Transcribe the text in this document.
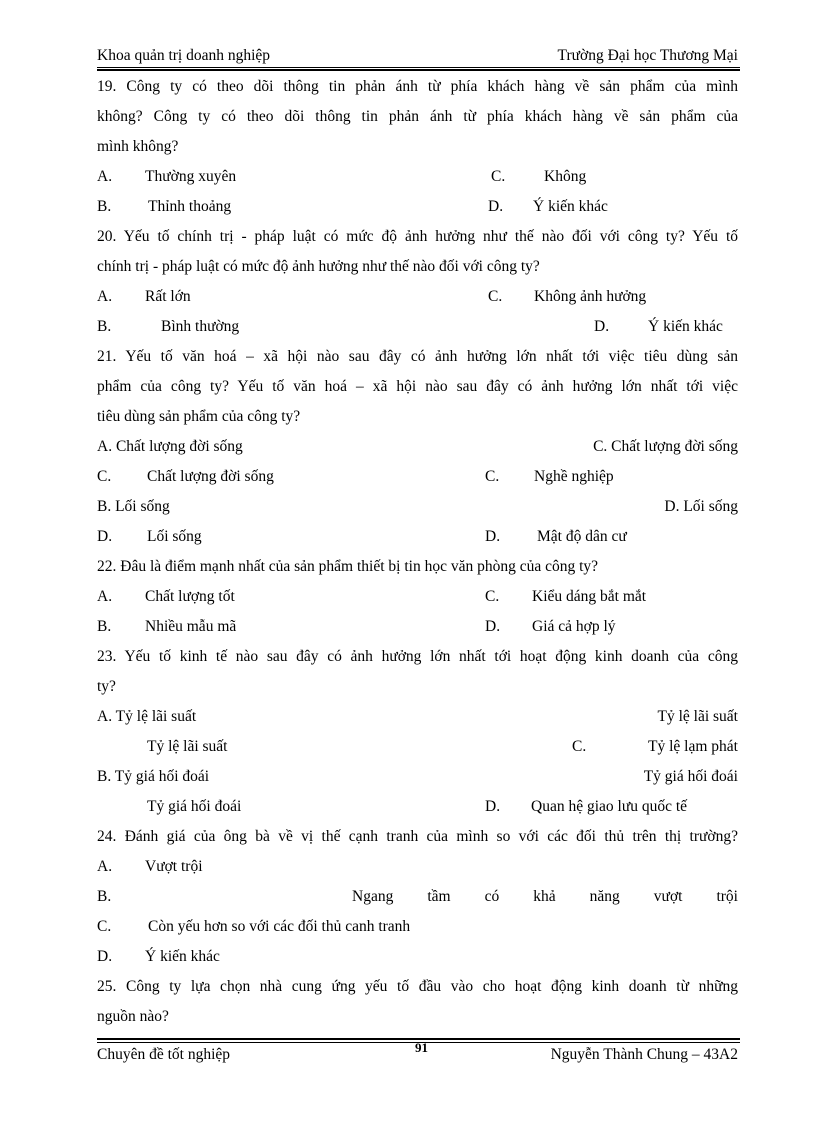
Khoa quản trị doanh nghiệp	Trường Đại học Thương Mại
19. Công ty có theo dõi thông tin phản ánh từ phía khách hàng về sản phẩm của mình
không? Công ty có theo dõi thông tin phản ánh từ phía khách hàng về sản phẩm của
mình không?
A. Thường xuyên	C.	Không
B. Thỉnh thoảng	D. Ý kiến khác
20. Yếu tố chính trị - pháp luật có mức độ ảnh hưởng như thế nào đối với công ty? Yếu tố
chính trị - pháp luật có mức độ ảnh hưởng như thế nào đối với công ty?
A. Rất lớn	C. Không ảnh hưởng
B.	Bình thường	D.	Ý kiến khác
21. Yếu tố văn hoá – xã hội nào sau đây có ảnh hưởng lớn nhất tới việc tiêu dùng sản
phẩm của công ty? Yếu tố văn hoá – xã hội nào sau đây có ảnh hưởng lớn nhất tới việc
tiêu dùng sản phẩm của công ty?
A. Chất lượng đời sống	C. Chất lượng đời sống
C. Chất lượng đời sống	C. Nghề nghiệp
B. Lối sống	D. Lối sống
D. Lối sống	D. Mật độ dân cư
22. Đâu là điểm mạnh nhất của sản phẩm thiết bị tin học văn phòng của công ty?
A. Chất lượng tốt	C. Kiểu dáng bắt mắt
B. Nhiều mẫu mã	D. Giá cả hợp lý
23. Yếu tố kinh tế nào sau đây có ảnh hưởng lớn nhất tới hoạt động kinh doanh của công
ty?
A. Tỷ lệ lãi suất	Tỷ lệ lãi suất
Tỷ lệ lãi suất	C.	Tỷ lệ lạm phát
B. Tỷ giá hối đoái	Tỷ giá hối đoái
Tỷ giá hối đoái	D. Quan hệ giao lưu quốc tế
24. Đánh giá của ông bà về vị thế cạnh tranh của mình so với các đối thủ trên thị trường?
A. Vượt trội
B.	Ngang tầm có khả năng vượt trội
C. Còn yếu hơn so với các đối thủ canh tranh
D. Ý kiến khác
25. Công ty lựa chọn nhà cung ứng yếu tố đầu vào cho hoạt động kinh doanh từ những
nguồn nào?
Chuyên đề tốt nghiệp	91	Nguyễn Thành Chung – 43A2
